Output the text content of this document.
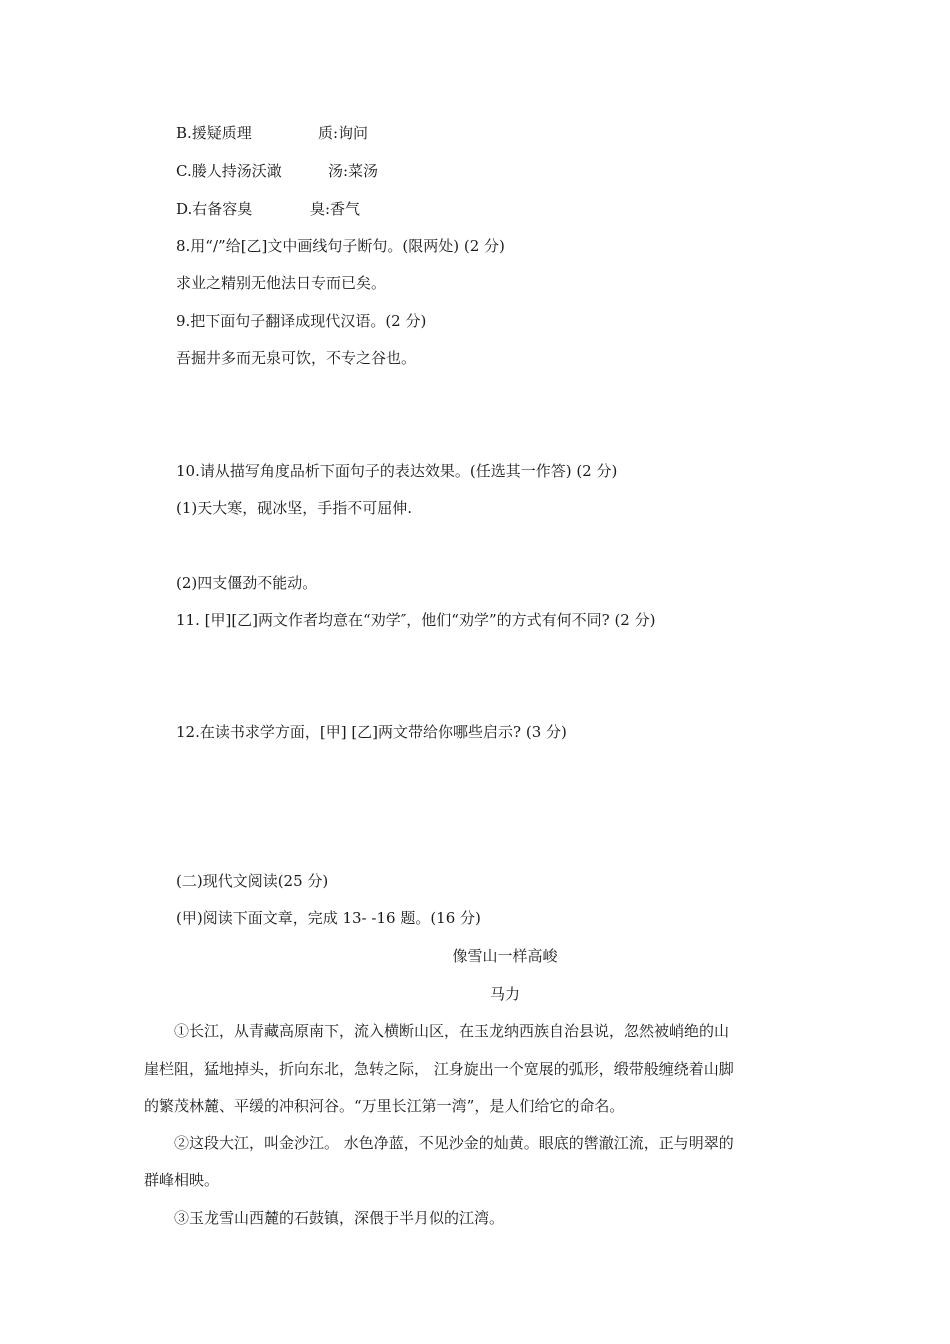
B.援疑质理	质:询问
C.媵人持汤沃澉	汤:菜汤
D.右备容臭	臭:香气
8.用“/”给[乙]文中画线句子断句。(限两处) (2 分)
求业之精别无他法日专而已矣。
9.把下面句子翻译成现代汉语。(2 分)
吾掘井多而无泉可饮，不专之谷也。
10.请从描写角度品析下面句子的表达效果。(任选其一作答) (2 分)
(1)天大寒，砚冰坚，手指不可屈伸.
(2)四支僵劲不能动。
11. [甲][乙]两文作者均意在“劝学″，他们“劝学”的方式有何不同? (2 分)
12.在读书求学方面，[甲] [乙]两文带给你哪些启示? (3 分)
(二)现代文阅读(25 分)
(甲)阅读下面文章，完成 13- -16 题。(16 分)
像雪山一样高峻
马力
①长江，从青藏高原南下，流入横断山区，在玉龙纳西族自治县说，忽然被峭绝的山
崖栏阻，猛地掉头，折向东北，急转之际， 江身旋出一个宽展的弧形，缎带般缠绕着山脚
的繁茂林麓、平缓的冲积河谷。“万里长江第一湾”，是人们给它的命名。
②这段大江，叫金沙江。 水色净蓝，不见沙金的灿黄。眼底的辔澈江流，正与明翠的
群峰相映。
③玉龙雪山西麓的石鼓镇，深偎于半月似的江湾。
